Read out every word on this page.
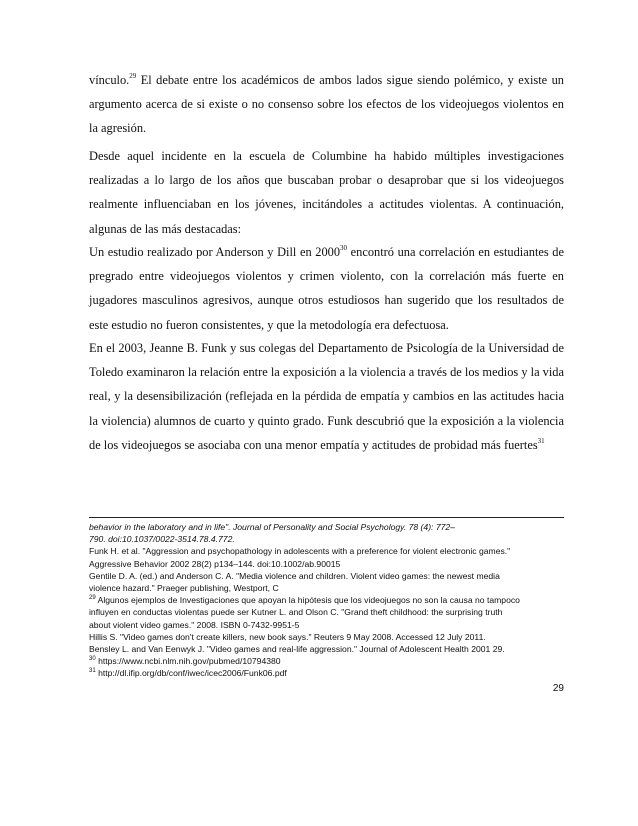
vínculo.$^{29}$ El debate entre los académicos de ambos lados sigue siendo polémico, y existe un argumento acerca de si existe o no consenso sobre los efectos de los videojuegos violentos en la agresión.

Desde aquel incidente en la escuela de Columbine ha habido múltiples investigaciones realizadas a lo largo de los años que buscaban probar o desaprobar que si los videojuegos realmente influenciaban en los jóvenes, incitándoles a actitudes violentas. A continuación, algunas de las más destacadas:

Un estudio realizado por Anderson y Dill en 2000$^{30}$ encontró una correlación en estudiantes de pregrado entre videojuegos violentos y crimen violento, con la correlación más fuerte en jugadores masculinos agresivos, aunque otros estudiosos han sugerido que los resultados de este estudio no fueron consistentes, y que la metodología era defectuosa.

En el 2003, Jeanne B. Funk y sus colegas del Departamento de Psicología de la Universidad de Toledo examinaron la relación entre la exposición a la violencia a través de los medios y la vida real, y la desensibilización (reflejada en la pérdida de empatía y cambios en las actitudes hacia la violencia) alumnos de cuarto y quinto grado. Funk descubrió que la exposición a la violencia de los videojuegos se asociaba con una menor empatía y actitudes de probidad más fuertes$^{31}$

behavior in the laboratory and in life". Journal of Personality and Social Psychology. 78 (4): 772–
790. doi:10.1037/0022-3514.78.4.772.
Funk H. et al. "Aggression and psychopathology in adolescents with a preference for violent electronic games."
Aggressive Behavior 2002 28(2) p134–144. doi:10.1002/ab.90015
Gentile D. A. (ed.) and Anderson C. A. "Media violence and children. Violent video games: the newest media
violence hazard." Praeger publishing, Westport, C
$^{29}$ Algunos ejemplos de Investigaciones que apoyan la hipótesis que los videojuegos no son la causa no tampoco
influyen en conductas violentas puede ser Kutner L. and Olson C. "Grand theft childhood: the surprising truth
about violent video games." 2008. ISBN 0-7432-9951-5
Hillis S. "Video games don't create killers, new book says." Reuters 9 May 2008. Accessed 12 July 2011.
Bensley L. and Van Eenwyk J. "Video games and real-life aggression." Journal of Adolescent Health 2001 29.
$^{30}$ https://www.ncbi.nlm.nih.gov/pubmed/10794380
$^{31}$ http://dl.ifip.org/db/conf/iwec/icec2006/Funk06.pdf
29
